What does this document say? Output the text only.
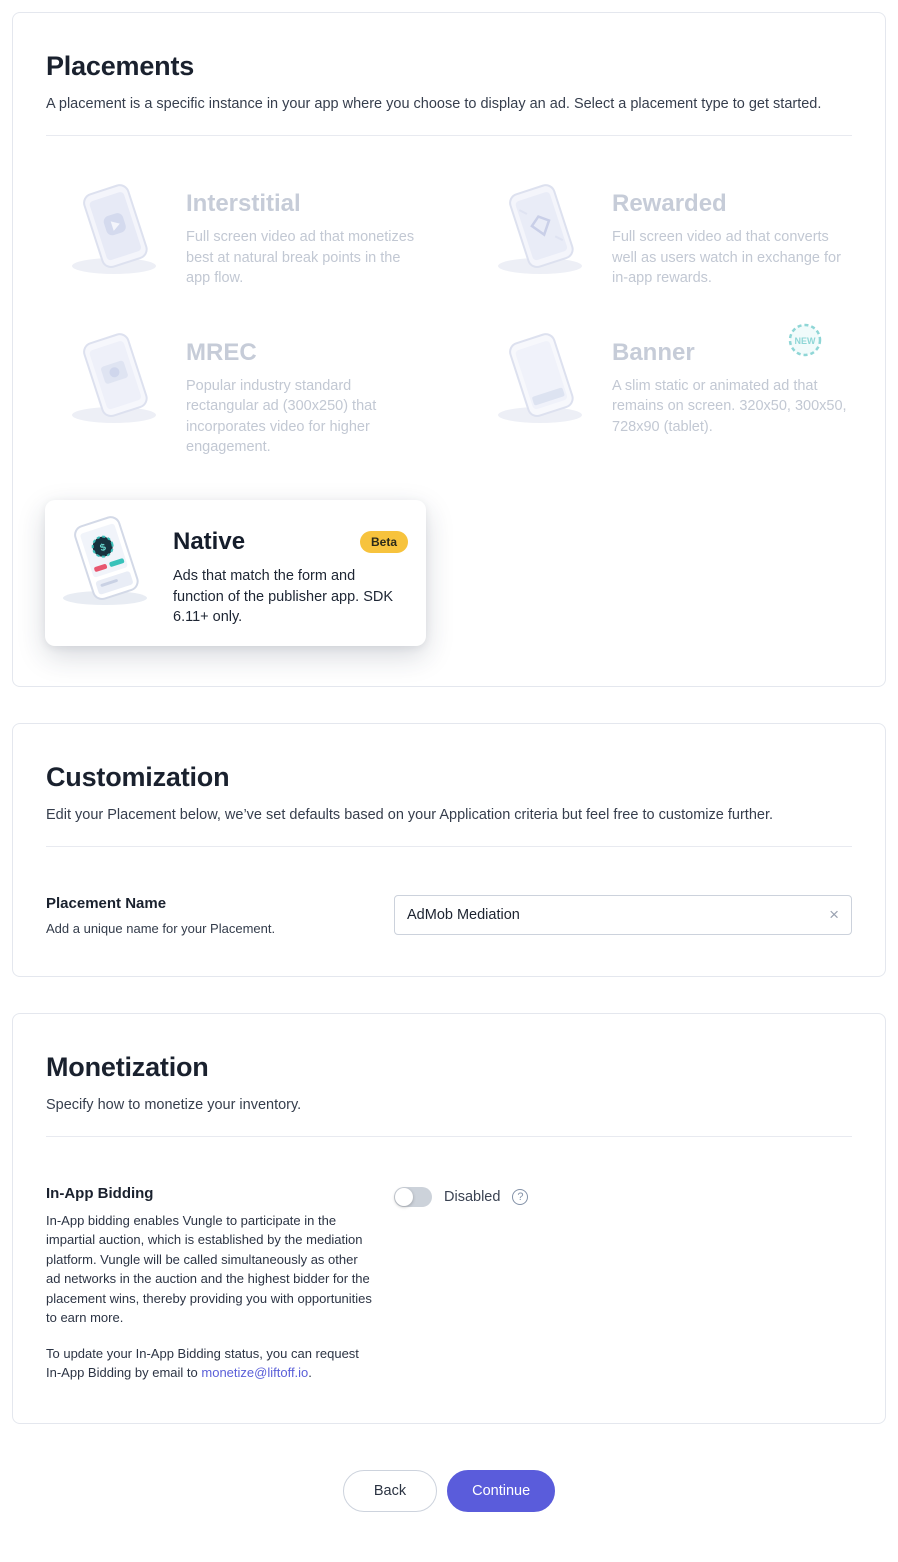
Placements

A placement is a specific instance in your app where you choose to display an ad. Select a placement type to get started.

Interstitial
Full screen video ad that monetizes best at natural break points in the app flow.
Rewarded
Full screen video ad that converts well as users watch in exchange for in-app rewards.
MREC
Popular industry standard rectangular ad (300x250) that incorporates video for higher engagement.
NEW
Banner
A slim static or animated ad that remains on screen. 320x50, 300x50, 728x90 (tablet).
$	Native	Beta
Ads that match the form and function of the publisher app. SDK 6.11+ only.
Customization

Edit your Placement below, we’ve set defaults based on your Application criteria but feel free to customize further.

Placement Name
Add a unique name for your Placement.
AdMob Mediation
×
Monetization

Specify how to monetize your inventory.

In-App Bidding

In-App bidding enables Vungle to participate in the impartial auction, which is established by the mediation platform. Vungle will be called simultaneously as other ad networks in the auction and the highest bidder for the placement wins, thereby providing you with opportunities to earn more.

To update your In-App Bidding status, you can request In-App Bidding by email to monetize@liftoff.io.

Disabled	?
Back	Continue
